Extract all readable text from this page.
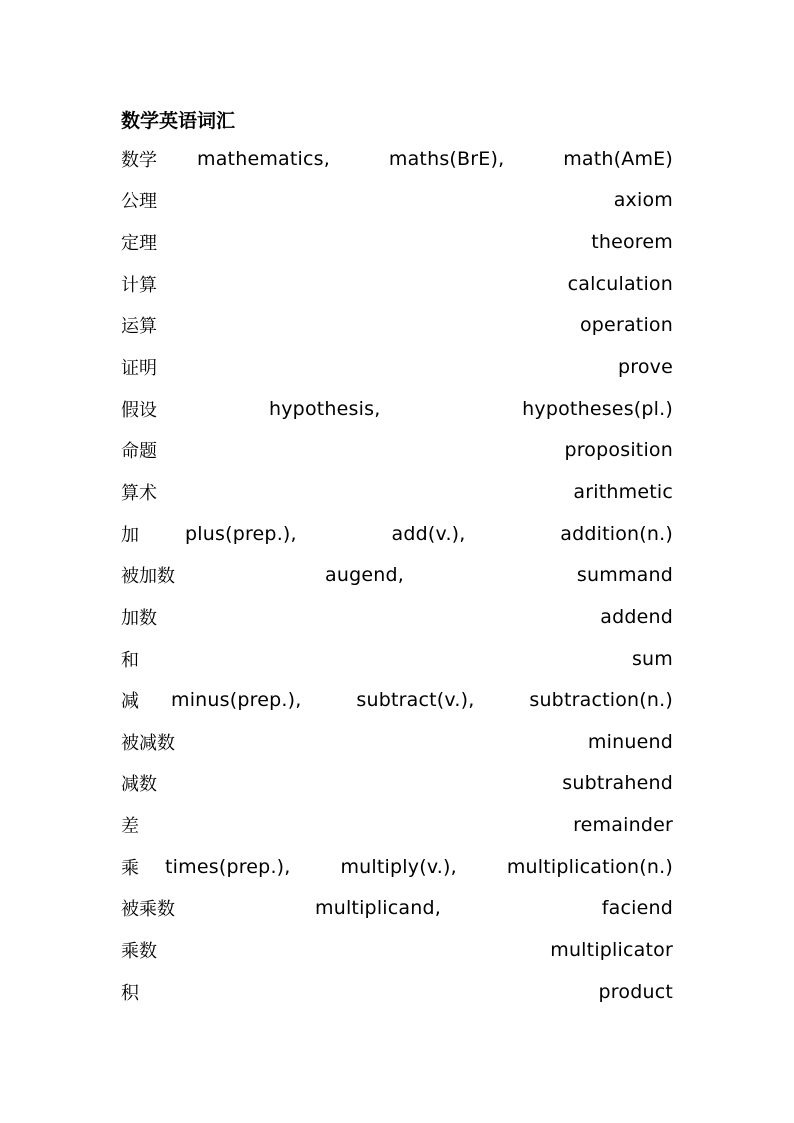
数学英语词汇
数学 mathematics,	maths(BrE),	math(AmE)
公理	axiom
定理	theorem
计算	calculation
运算	operation
证明	prove
假设	hypothesis,	hypotheses(pl.)
命题	proposition
算术	arithmetic
加 plus(prep.),	add(v.),	addition(n.)
被加数	augend,	summand
加数	addend
和	sum
减 minus(prep.),	subtract(v.),	subtraction(n.)
被减数	minuend
减数	subtrahend
差	remainder
乘 times(prep.),	multiply(v.),	multiplication(n.)
被乘数	multiplicand,	faciend
乘数	multiplicator
积	product
